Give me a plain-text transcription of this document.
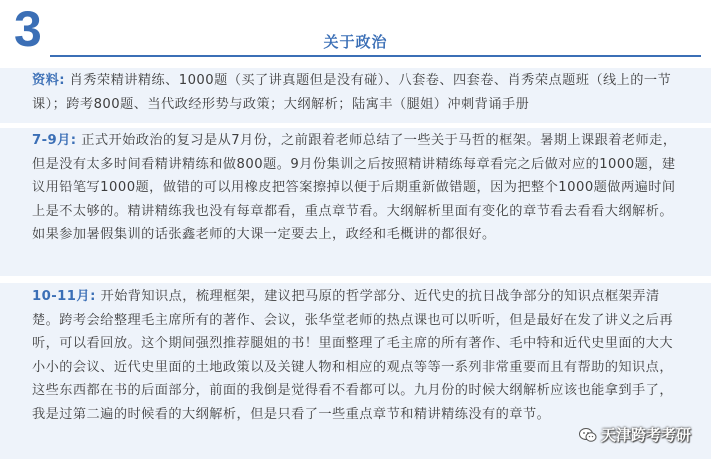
3	关于政治
资料: 肖秀荣精讲精练、1000题（买了讲真题但是没有碰）、八套卷、四套卷、肖秀荣点题班（线上的一节课）；跨考800题、当代政经形势与政策；大纲解析；陆寓丰（腿姐）冲刺背诵手册
7-9月: 正式开始政治的复习是从7月份，之前跟着老师总结了一些关于马哲的框架。暑期上课跟着老师走，但是没有太多时间看精讲精练和做800题。9月份集训之后按照精讲精练每章看完之后做对应的1000题，建议用铅笔写1000题，做错的可以用橡皮把答案擦掉以便于后期重新做错题，因为把整个1000题做两遍时间上是不太够的。精讲精练我也没有每章都看，重点章节看。大纲解析里面有变化的章节看去看看大纲解析。如果参加暑假集训的话张鑫老师的大课一定要去上，政经和毛概讲的都很好。
10-11月: 开始背知识点，梳理框架，建议把马原的哲学部分、近代史的抗日战争部分的知识点框架弄清楚。跨考会给整理毛主席所有的著作、会议，张华堂老师的热点课也可以听听，但是最好在发了讲义之后再听，可以看回放。这个期间强烈推荐腿姐的书！里面整理了毛主席的所有著作、毛中特和近代史里面的大大小小的会议、近代史里面的土地政策以及关键人物和相应的观点等等一系列非常重要而且有帮助的知识点，这些东西都在书的后面部分，前面的我倒是觉得看不看都可以。九月份的时候大纲解析应该也能拿到手了，我是过第二遍的时候看的大纲解析，但是只看了一些重点章节和精讲精练没有的章节。
天津跨考考研
